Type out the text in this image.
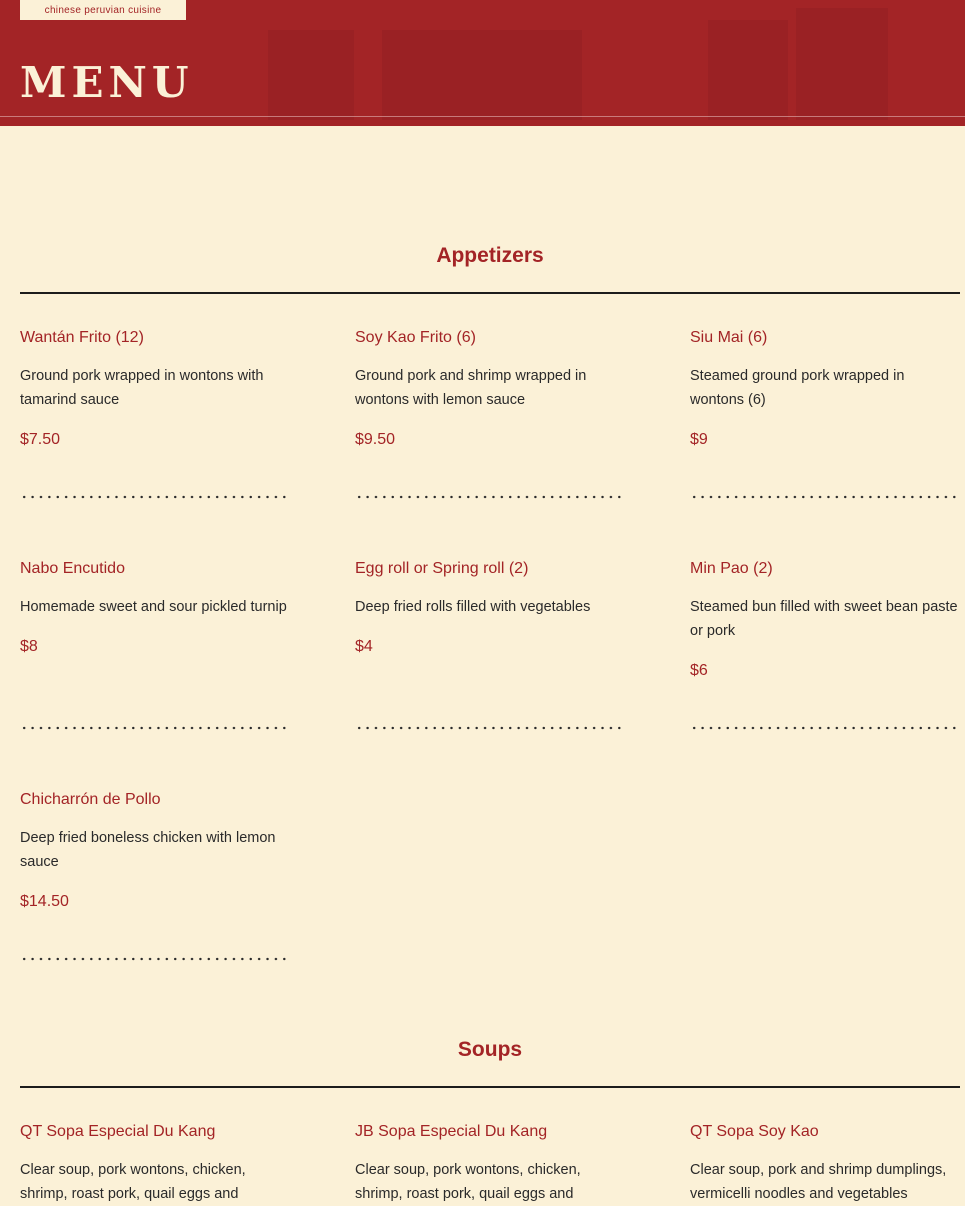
chinese peruvian cuisine
MENU
Appetizers

Wantán Frito (12)

Ground pork wrapped in wontons with tamarind sauce

$7.50

Soy Kao Frito (6)

Ground pork and shrimp wrapped in wontons with lemon sauce

$9.50

Siu Mai (6)

Steamed ground pork wrapped in wontons (6)

$9

Nabo Encutido

Homemade sweet and sour pickled turnip

$8

Egg roll or Spring roll (2)

Deep fried rolls filled with vegetables

$4

Min Pao (2)

Steamed bun filled with sweet bean paste or pork

$6

Chicharrón de Pollo

Deep fried boneless chicken with lemon sauce

$14.50

Soups

QT Sopa Especial Du Kang

Clear soup, pork wontons, chicken, shrimp, roast pork, quail eggs and

JB Sopa Especial Du Kang

Clear soup, pork wontons, chicken, shrimp, roast pork, quail eggs and

QT Sopa Soy Kao

Clear soup, pork and shrimp dumplings, vermicelli noodles and vegetables
